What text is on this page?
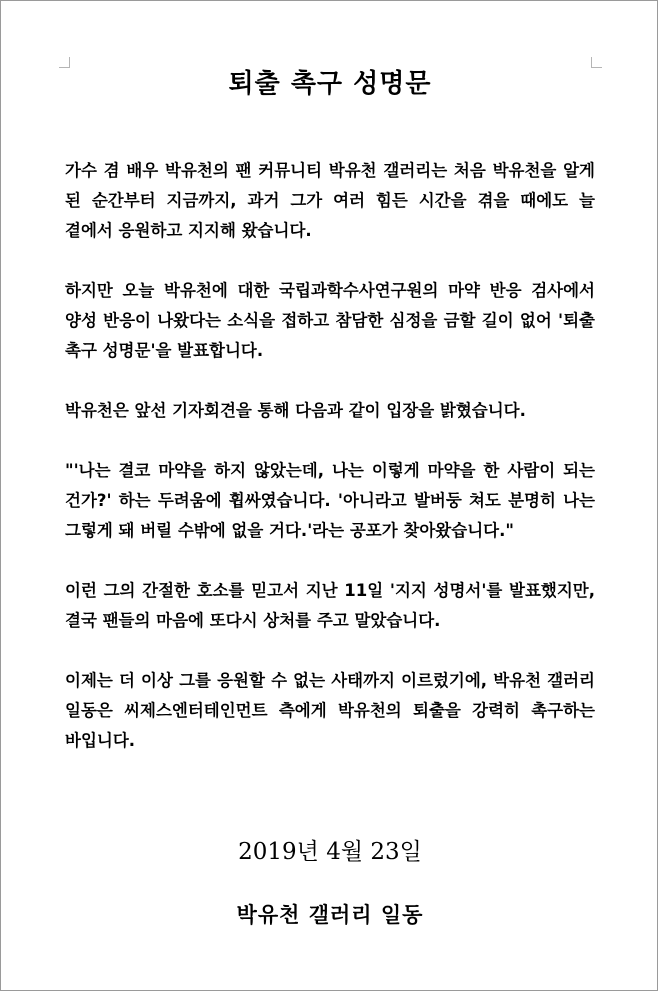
퇴출 촉구 성명문

가수 겸 배우 박유천의 팬 커뮤니티 박유천 갤러리는 처음 박유천을 알게 된 순간부터 지금까지, 과거 그가 여러 힘든 시간을 겪을 때에도 늘 곁에서 응원하고 지지해 왔습니다.

하지만 오늘 박유천에 대한 국립과학수사연구원의 마약 반응 검사에서 양성 반응이 나왔다는 소식을 접하고 참담한 심정을 금할 길이 없어 '퇴출 촉구 성명문'을 발표합니다.

박유천은 앞선 기자회견을 통해 다음과 같이 입장을 밝혔습니다.

"'나는 결코 마약을 하지 않았는데, 나는 이렇게 마약을 한 사람이 되는 건가?' 하는 두려움에 휩싸였습니다. '아니라고 발버둥 쳐도 분명히 나는 그렇게 돼 버릴 수밖에 없을 거다.'라는 공포가 찾아왔습니다."

이런 그의 간절한 호소를 믿고서 지난 11일 '지지 성명서'를 발표했지만, 결국 팬들의 마음에 또다시 상처를 주고 말았습니다.

이제는 더 이상 그를 응원할 수 없는 사태까지 이르렀기에, 박유천 갤러리 일동은 씨제스엔터테인먼트 측에게 박유천의 퇴출을 강력히 촉구하는 바입니다.

2019년 4월 23일
박유천 갤러리 일동
